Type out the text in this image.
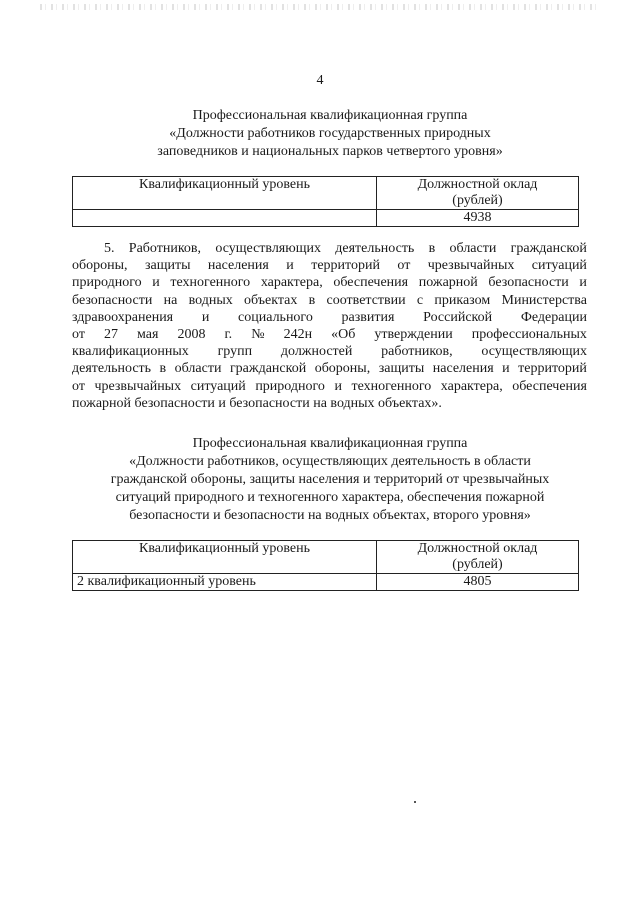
4
Профессиональная квалификационная группа
«Должности работников государственных природных
заповедников и национальных парков четвертого уровня»
Квалификационный уровень	Должностной оклад
(рублей)

	4938
5. Работников, осуществляющих деятельность в области гражданской
обороны, защиты населения и территорий от чрезвычайных ситуаций
природного и техногенного характера, обеспечения пожарной безопасности и
безопасности на водных объектах в соответствии с приказом Министерства
здравоохранения и социального развития Российской Федерации
от 27 мая 2008 г. № 242н «Об утверждении профессиональных
квалификационных групп должностей работников, осуществляющих
деятельность в области гражданской обороны, защиты населения и территорий
от чрезвычайных ситуаций природного и техногенного характера, обеспечения
пожарной безопасности и безопасности на водных объектах».
Профессиональная квалификационная группа
«Должности работников, осуществляющих деятельность в области
гражданской обороны, защиты населения и территорий от чрезвычайных
ситуаций природного и техногенного характера, обеспечения пожарной
безопасности и безопасности на водных объектах, второго уровня»
Квалификационный уровень	Должностной оклад
(рублей)

2 квалификационный уровень	4805
